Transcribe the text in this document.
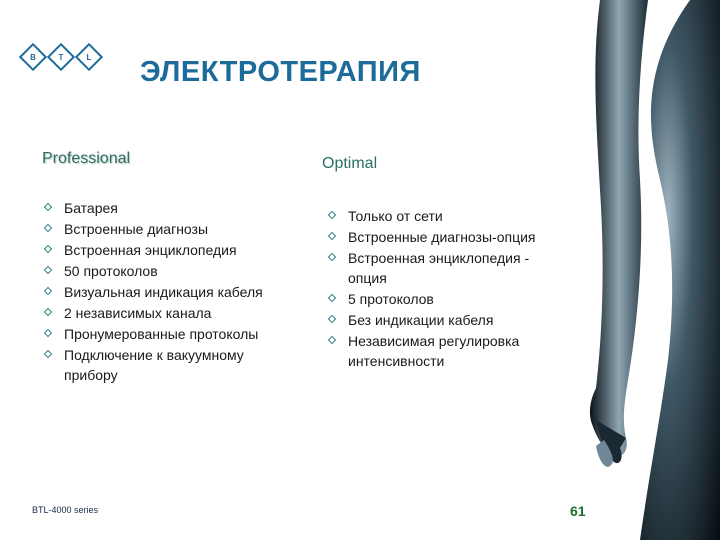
B	T	L ЭЛЕКТРОТЕРАПИЯ
Professional	Optimal
Батарея
Встроенные диагнозы
Встроенная энциклопедия
50 протоколов
Визуальная индикация кабеля
2 независимых канала
Пронумерованные протоколы
Подключение к вакуумному прибору
Только от сети
Встроенные диагнозы-опция
Встроенная энциклопедия - опция
5 протоколов
Без индикации кабеля
Независимая регулировка интенсивности
BTL-4000 series	61
